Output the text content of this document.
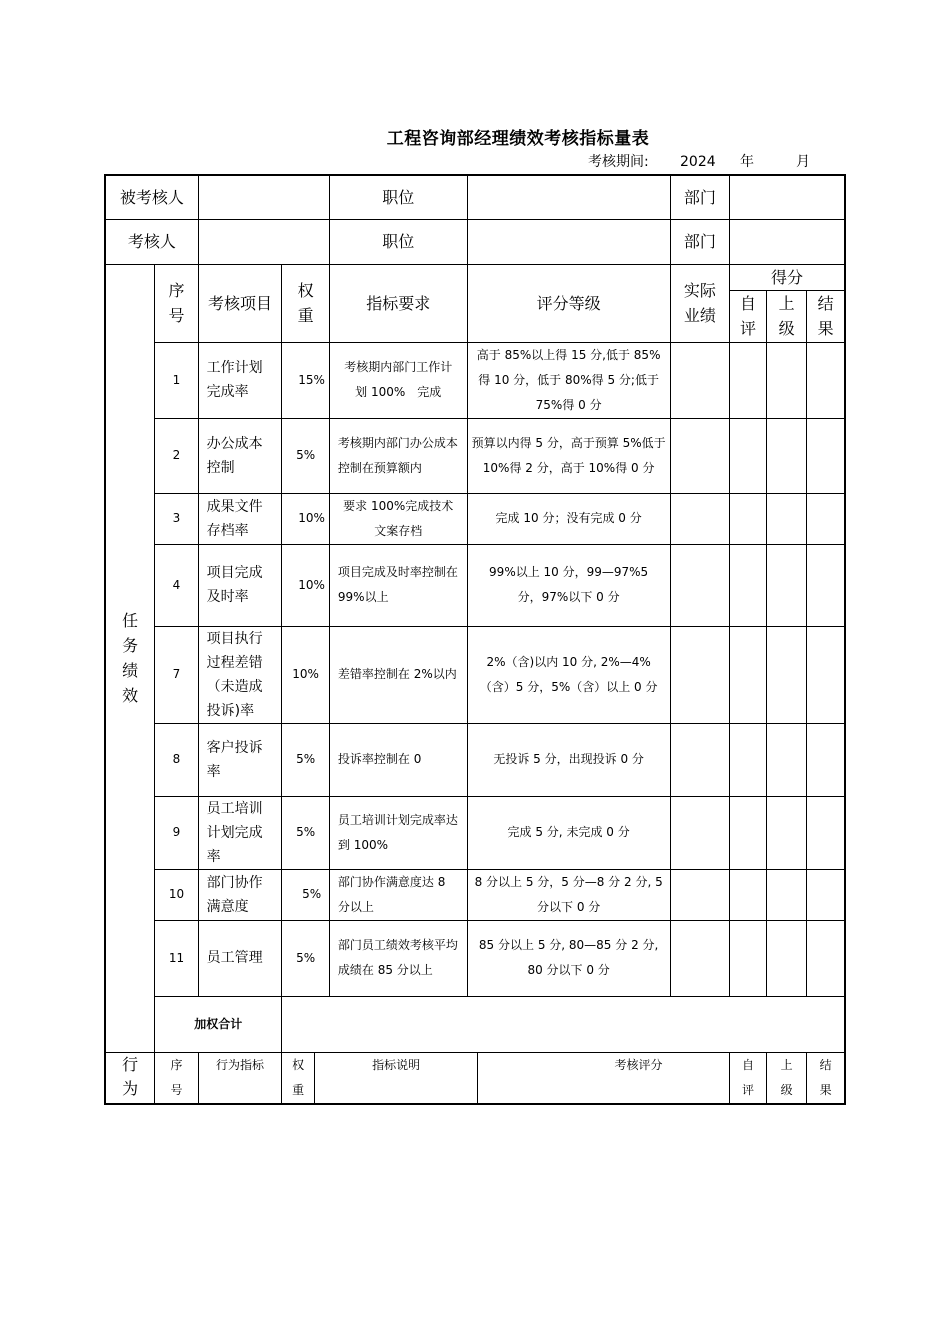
工程咨询部经理绩效考核指标量表
考核期间: 2024 年	月
被考核人					职位			部门			
考核人					职位			部门			
任务绩效	序号	考核项目	权重		指标要求	评分等级		实际业绩	得分		
									自评	上级	结果
	1	工作计划完成率	15%		考核期内部门工作计划 100%　完成	高于 85%以上得 15 分,低于 85%得 10 分，低于 80%得 5 分;低于 75%得 0 分					
	2	办公成本控制	5%		考核期内部门办公成本控制在预算额内	预算以内得 5 分，高于预算 5%低于 10%得 2 分，高于 10%得 0 分					
	3	成果文件存档率	10%		要求 100%完成技术文案存档	完成 10 分；没有完成 0 分					
	4	项目完成及时率	10%		项目完成及时率控制在 99%以上	99%以上 10 分，99—97%5 分，97%以下 0 分					
	7	项目执行过程差错（未造成投诉)率	10%		差错率控制在 2%以内	2%（含)以内 10 分, 2%—4%（含）5 分，5%（含）以上 0 分					
	8	客户投诉率	5%		投诉率控制在 0	无投诉 5 分，出现投诉 0 分					
	9	员工培训计划完成率	5%		员工培训计划完成率达到 100%	完成 5 分, 未完成 0 分					
	10	部门协作满意度	5%		部门协作满意度达 8 分以上	8 分以上 5 分，5 分—8 分 2 分, 5 分以下 0 分					
	11	员工管理	5%		部门员工绩效考核平均成绩在 85 分以上	85 分以上 5 分, 80—85 分 2 分, 80 分以下 0 分					
	加权合计										
行为	序号	行为指标	权重	指标说明			考核评分		自评	上级	结果
